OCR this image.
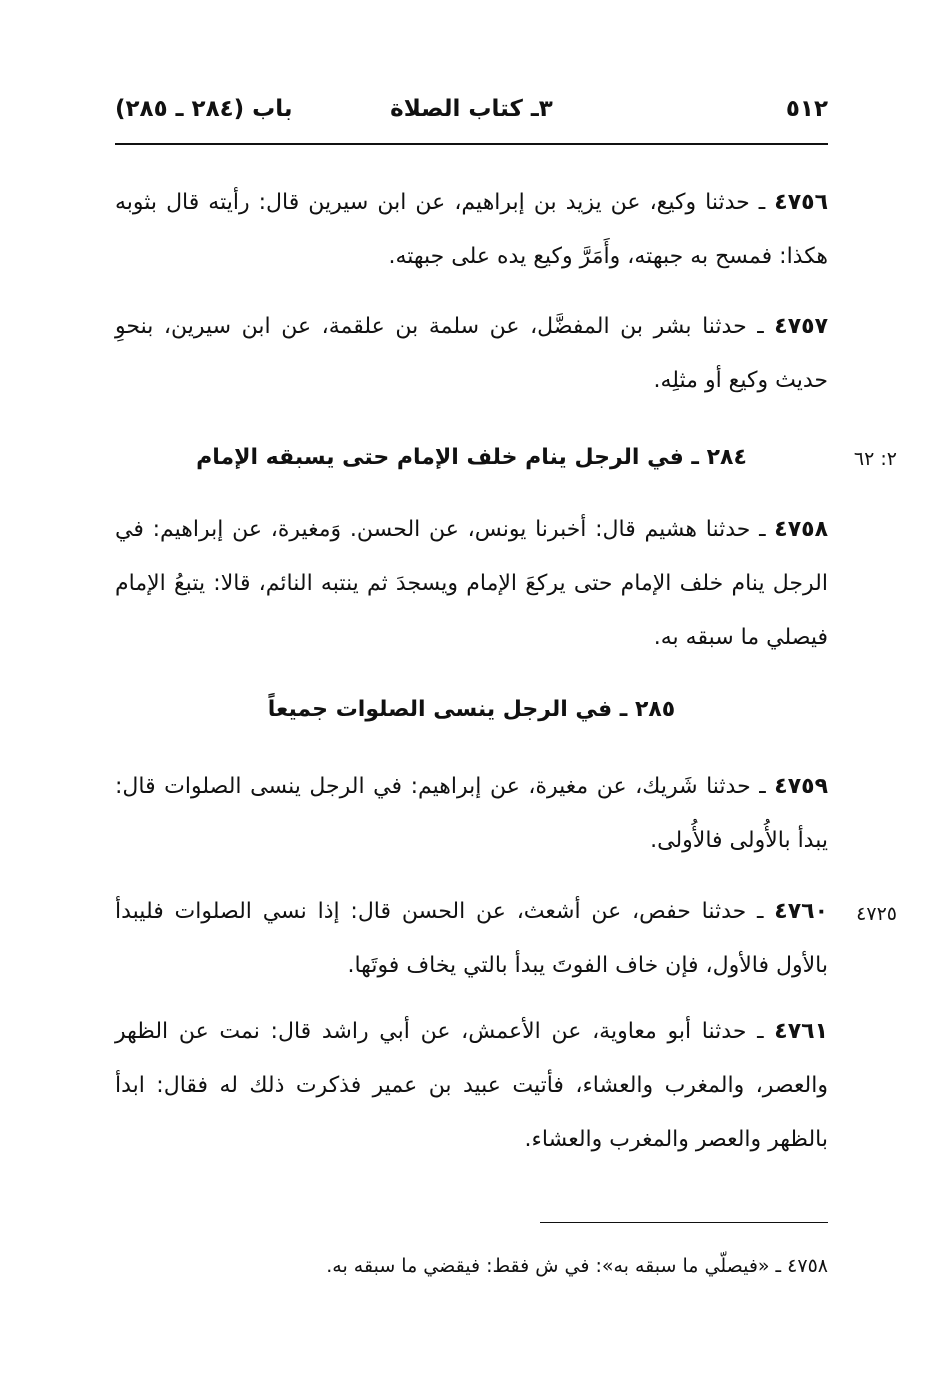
٥١٢
٣ـ كتاب الصلاة
باب (٢٨٤ ـ ٢٨٥)
٤٧٥٦ ـ حدثنا وكيع، عن يزيد بن إبراهيم، عن ابن سيرين قال: رأيته قال بثوبه هكذا: فمسح به جبهته، وأَمَرَّ وكيع يده على جبهته.
٤٧٥٧ ـ حدثنا بشر بن المفضَّل، عن سلمة بن علقمة، عن ابن سيرين، بنحوِ حديث وكيع أو مثلِه.
٢٨٤ ـ في الرجل ينام خلف الإمام حتى يسبقه الإمام	٢: ٦٢
٤٧٥٨ ـ حدثنا هشيم قال: أخبرنا يونس، عن الحسن. وَمغيرة، عن إبراهيم: في الرجل ينام خلف الإمام حتى يركعَ الإمام ويسجدَ ثم ينتبه النائم، قالا: يتبعُ الإمام فيصلي ما سبقه به.
٢٨٥ ـ في الرجل ينسى الصلوات جميعاً
٤٧٥٩ ـ حدثنا شَريك، عن مغيرة، عن إبراهيم: في الرجل ينسى الصلوات قال: يبدأ بالأُولى فالأُولى.
٤٧٦٠ ـ حدثنا حفص، عن أشعث، عن الحسن قال: إذا نسي الصلوات فليبدأ بالأول فالأول، فإن خاف الفوتَ يبدأ بالتي يخاف فوتَها.
٤٧٢٥
٤٧٦١ ـ حدثنا أبو معاوية، عن الأعمش، عن أبي راشد قال: نمت عن الظهر والعصر، والمغرب والعشاء، فأتيت عبيد بن عمير فذكرت ذلك له فقال: ابدأ بالظهر والعصر والمغرب والعشاء.
٤٧٥٨ ـ «فيصلّي ما سبقه به»: في ش فقط: فيقضي ما سبقه به.
